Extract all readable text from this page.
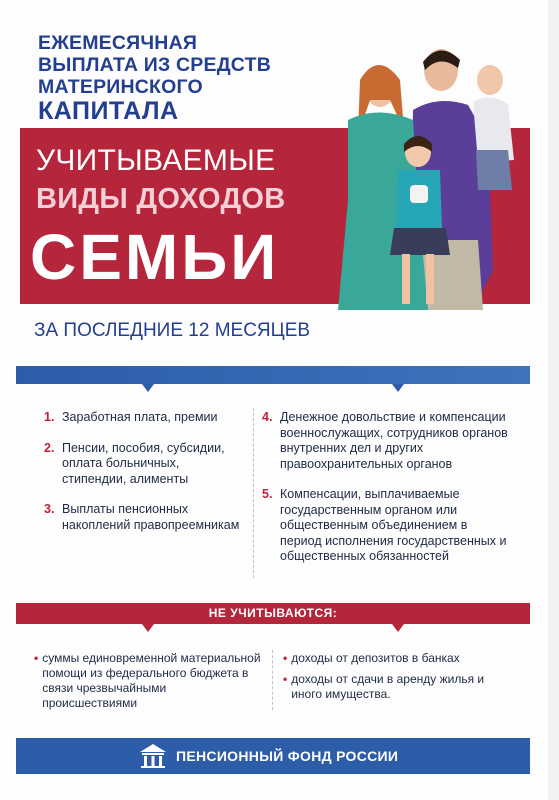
ЕЖЕМЕСЯЧНАЯ
ВЫПЛАТА ИЗ СРЕДСТВ
МАТЕРИНСКОГО
КАПИТАЛА
УЧИТЫВАЕМЫЕ
ВИДЫ ДОХОДОВ
СЕМЬИ
ЗА ПОСЛЕДНИЕ 12 МЕСЯЦЕВ
1. Заработная плата, премии
2. Пенсии, пособия, субсидии, оплата больничных, стипендии, алименты
3. Выплаты пенсионных накоплений правопреемникам
4. Денежное довольствие и компенсации военнослужащих, сотрудников органов внутренних дел и других правоохранительных органов
5. Компенсации, выплачиваемые государственным органом или общественным объединением в период исполнения государственных и общественных обязанностей
НЕ УЧИТЫВАЮТСЯ:
• суммы единовременной материальной помощи из федерального бюджета в связи чрезвычайными происшествиями
• доходы от депозитов в банках
• доходы от сдачи в аренду жилья и иного имущества.
ПЕНСИОННЫЙ ФОНД РОССИИ
